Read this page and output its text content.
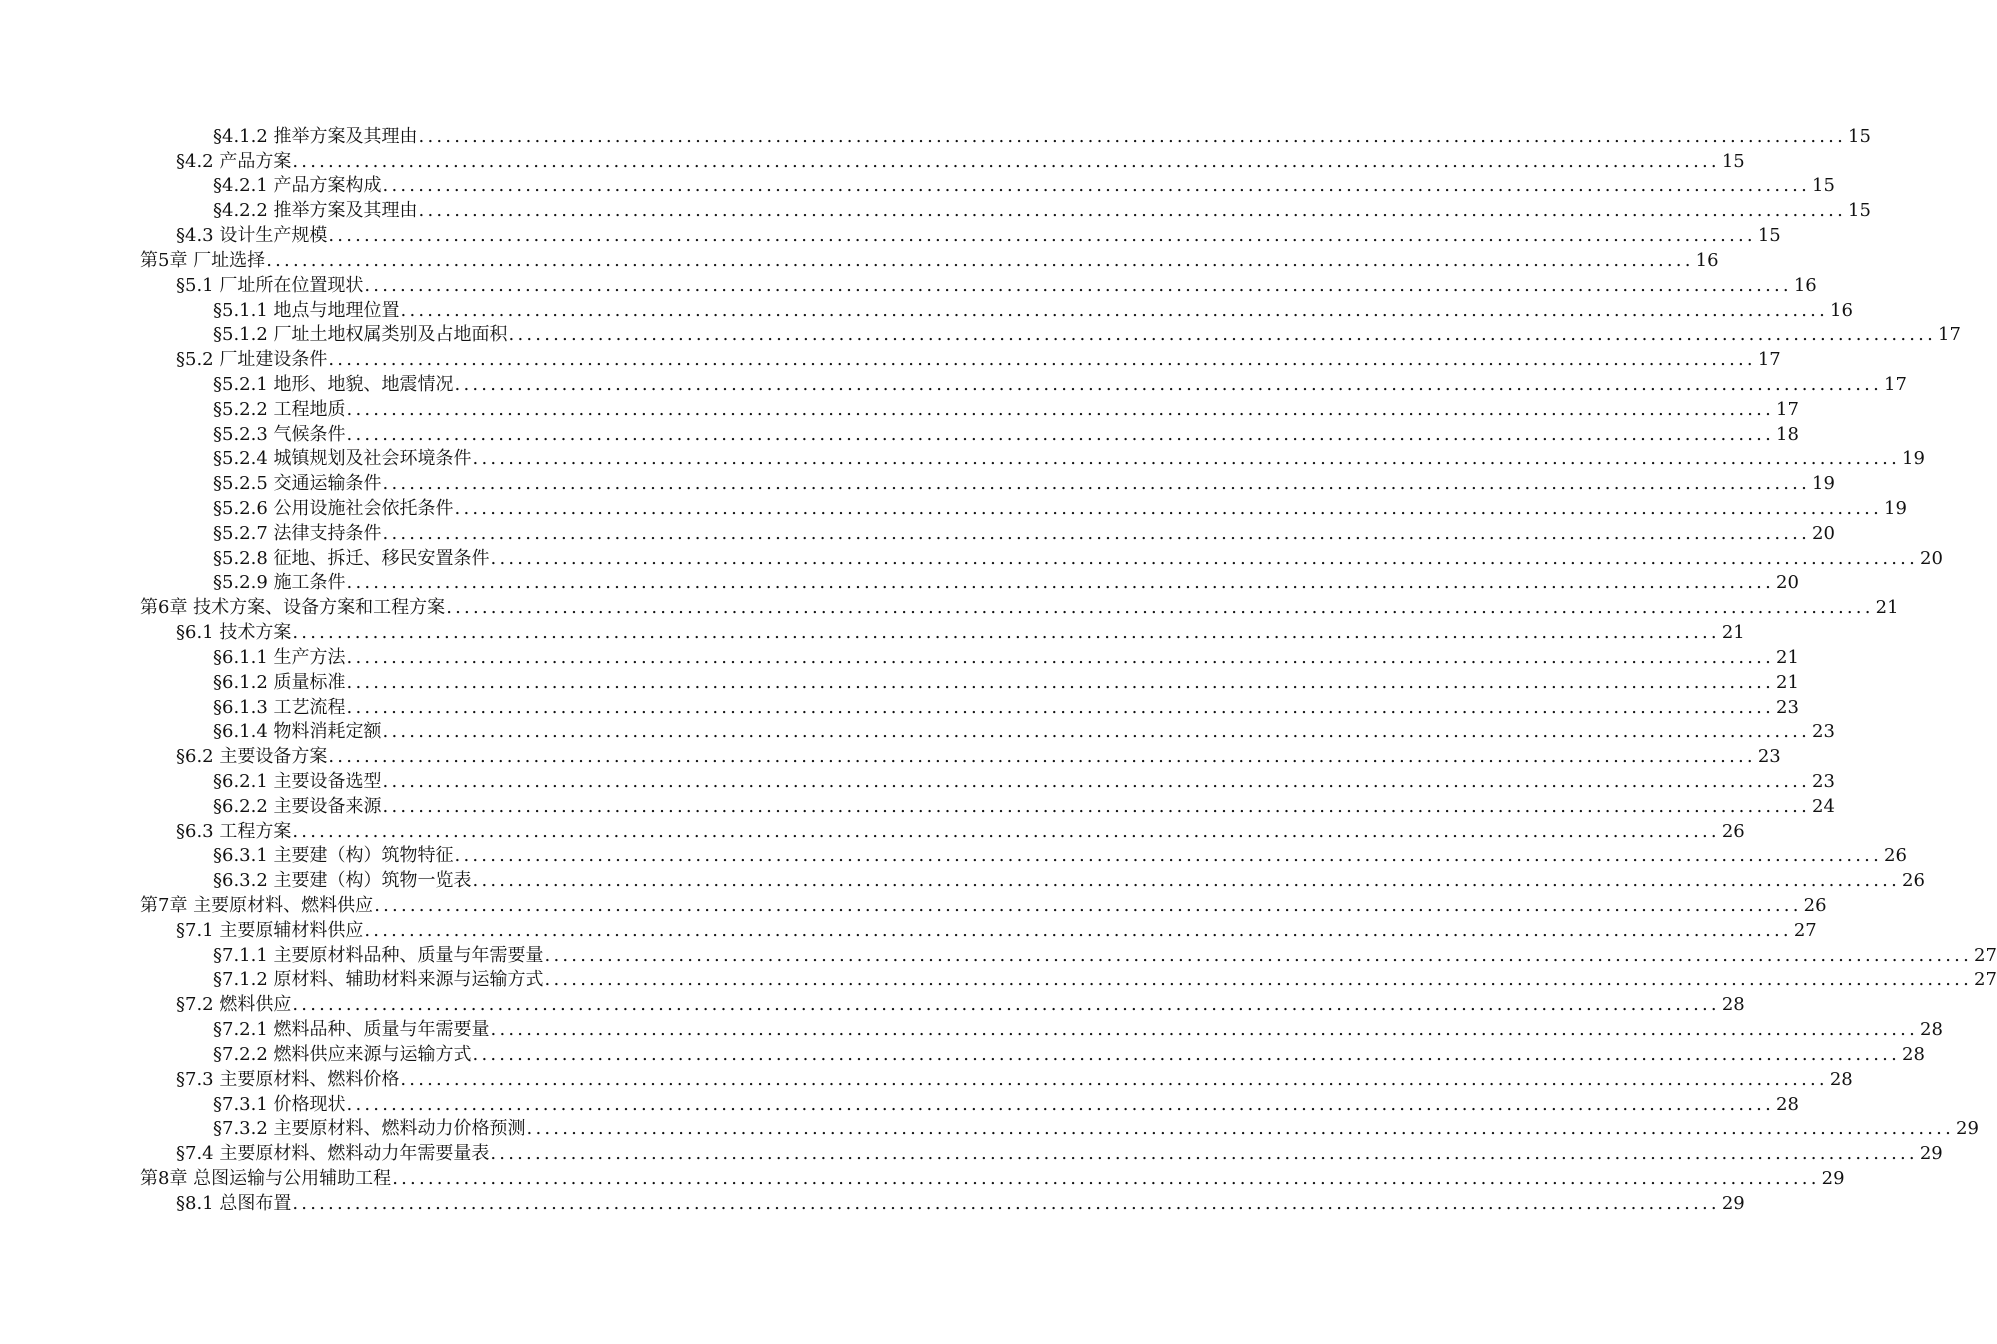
§4.1.2 推举方案及其理由 ................................................................................................................................................................ 15
§4.2 产品方案 ................................................................................................................................................................ 15
§4.2.1 产品方案构成 ................................................................................................................................................................ 15
§4.2.2 推举方案及其理由 ................................................................................................................................................................ 15
§4.3 设计生产规模 ................................................................................................................................................................ 15
第5章 厂址选择 ................................................................................................................................................................ 16
§5.1 厂址所在位置现状 ................................................................................................................................................................ 16
§5.1.1 地点与地理位置 ................................................................................................................................................................ 16
§5.1.2 厂址土地权属类别及占地面积 ................................................................................................................................................................ 17
§5.2 厂址建设条件 ................................................................................................................................................................ 17
§5.2.1 地形、地貌、地震情况 ................................................................................................................................................................ 17
§5.2.2 工程地质 ................................................................................................................................................................ 17
§5.2.3 气候条件 ................................................................................................................................................................ 18
§5.2.4 城镇规划及社会环境条件 ................................................................................................................................................................ 19
§5.2.5 交通运输条件 ................................................................................................................................................................ 19
§5.2.6 公用设施社会依托条件 ................................................................................................................................................................ 19
§5.2.7 法律支持条件 ................................................................................................................................................................ 20
§5.2.8 征地、拆迁、移民安置条件 ................................................................................................................................................................ 20
§5.2.9 施工条件 ................................................................................................................................................................ 20
第6章 技术方案、设备方案和工程方案 ................................................................................................................................................................ 21
§6.1 技术方案 ................................................................................................................................................................ 21
§6.1.1 生产方法 ................................................................................................................................................................ 21
§6.1.2 质量标准 ................................................................................................................................................................ 21
§6.1.3 工艺流程 ................................................................................................................................................................ 23
§6.1.4 物料消耗定额 ................................................................................................................................................................ 23
§6.2 主要设备方案 ................................................................................................................................................................ 23
§6.2.1 主要设备选型 ................................................................................................................................................................ 23
§6.2.2 主要设备来源 ................................................................................................................................................................ 24
§6.3 工程方案 ................................................................................................................................................................ 26
§6.3.1 主要建（构）筑物特征 ................................................................................................................................................................ 26
§6.3.2 主要建（构）筑物一览表 ................................................................................................................................................................ 26
第7章 主要原材料、燃料供应 ................................................................................................................................................................ 26
§7.1 主要原辅材料供应 ................................................................................................................................................................ 27
§7.1.1 主要原材料品种、质量与年需要量 ................................................................................................................................................................ 27
§7.1.2 原材料、辅助材料来源与运输方式 ................................................................................................................................................................ 27
§7.2 燃料供应 ................................................................................................................................................................ 28
§7.2.1 燃料品种、质量与年需要量 ................................................................................................................................................................ 28
§7.2.2 燃料供应来源与运输方式 ................................................................................................................................................................ 28
§7.3 主要原材料、燃料价格 ................................................................................................................................................................ 28
§7.3.1 价格现状 ................................................................................................................................................................ 28
§7.3.2 主要原材料、燃料动力价格预测 ................................................................................................................................................................ 29
§7.4 主要原材料、燃料动力年需要量表 ................................................................................................................................................................ 29
第8章 总图运输与公用辅助工程 ................................................................................................................................................................ 29
§8.1 总图布置 ................................................................................................................................................................ 29
